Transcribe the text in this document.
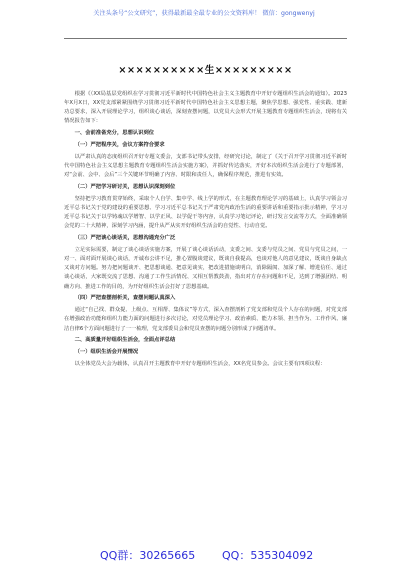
关注头条号“公文研究”，获得最新最全最专业的公文资料库！ 微信：gongwenyj
××××××××××生×××××××××

根据《（XX局基层党组织在学习贯彻习近平新时代中国特色社会主义主题教育中开好专题组织生活会的通知）。2023年X月X日，XX党支部紧紧围绕学习贯彻习近平新时代中国特色社会主义思想主题，聚焦学思想、强党性、重实践、建新功总要求，深入开展理论学习，组织谈心谈话，深刻查摆问题，以党员大会形式开展主题教育专题组织生活会，现将有关情况报告如下：

一、会前准备充分，思想认识到位
（一）严把程序关，会议方案符合要求

以严肃认真的态度组织召开好专题文委会，支部书记带头安排，经研究讨论，制定了《关于召开学习贯彻习近平新时代中国特色社会主义思想主题教育专题组织生活会实施方案》，并抓好传达落实，开好本次组织生活会进行了专题部署，对“会前、会中、会后”三个关键环节明确了内容、时限和责任人，确保程序规范，推进有实效。

（二）严把学习研讨关，思想认识深刻到位

坚持把学习教育贯穿始终，采取个人自学、集中学、线上学的形式，在主题教育理论学习的基础上，认真学习领会习近平总书记关于党的建设的重要思想、学习习近平总书记关于严肃党内政治生活的重要讲话和重要指示批示精神，学习习近平总书记关于以学铸魂以学增智、以学正风、以学促干等内容，认真学习笔记评论，研讨发言交流等方式，全面准确领会党的二十大精神，深刻学习内涵，提升从严从实开好组织生活会的自觉性、行动自觉。

（三）严把谈心谈话关，思想沟通充分广泛

立足实际需要，制定了谈心谈话实施方案，开展了谈心谈话活动，支委之间、支委与党员之间、党员与党员之间，一对一、面对面开展谈心谈话，开诚布公讲不足，推心置腹谈建议，既谈自我提高，也谈对他人的意见建议，既谈自身缺点又谈对方问题。努力把问题谈开、把思想谈通、把意见谈实，把改进措施谈明白，消除隔阂、加深了解、增进信任、通过谈心谈话，大家既交流了思想、沟通了工作生活情况、又相互帮教鼓劲，指出对方存在问题和不足，达到了增强团结、明确方向、推进工作的目的，为开好组织生活会打好了思想基础。

（四）严把查摆剖析关，查摆问题认真深入

通过“自己找、群众提、上级点、互相帮、集体议”等方式，深入查摆剖析了党支部和党员个人存在的问题，对党支部在增强政治功能和组织力能力面的问题进行多次讨论，对党员理论学习、政治素质、能力本领、担当作为、工作作风、廉洁自律6个方面问题进行了一一梳理，党支部委员会和党员查摆的问题分别形成了问题清单。

二、高质量开好组织生活会，全面点评总结
（一）组织生活会开展情况

以全体党员大会为载体，认真召开主题教育中开好专题组织生活会，XX名党员参会。会议主要有四项议程：

QQ群：30265665 QQ：535304092
